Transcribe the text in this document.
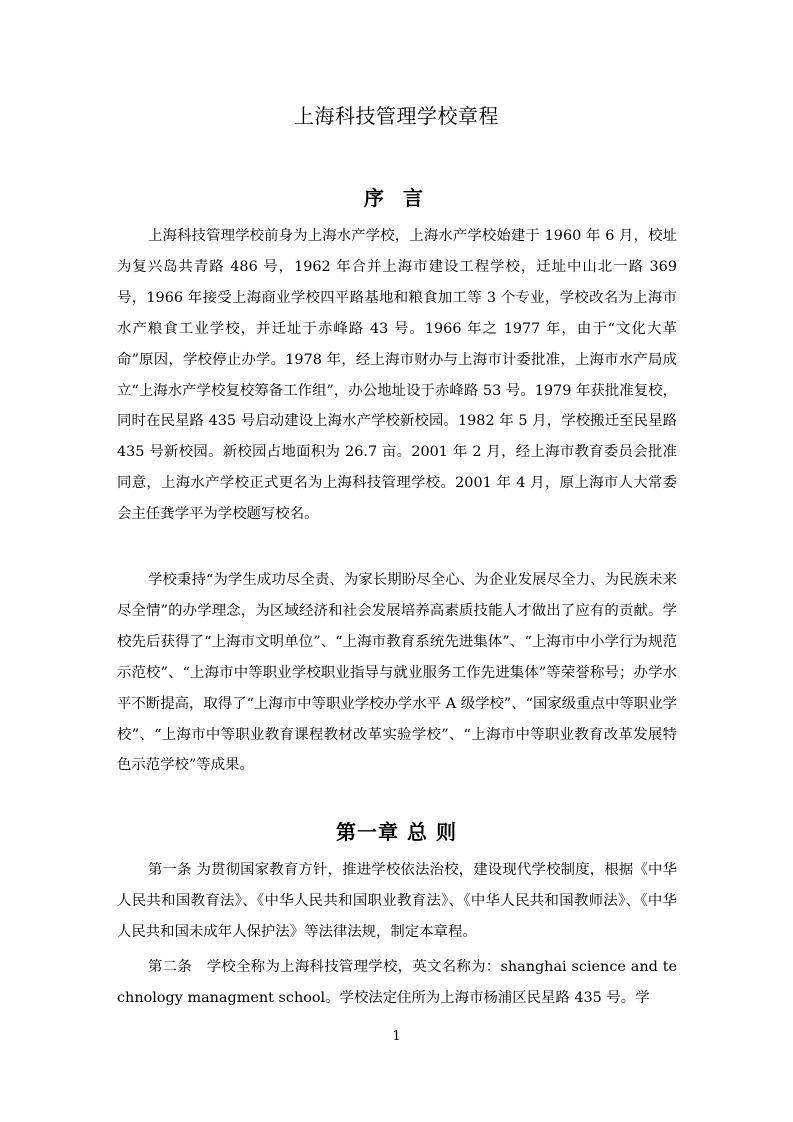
上海科技管理学校章程
序 言

上海科技管理学校前身为上海水产学校，上海水产学校始建于 1960 年 6 月，校址为复兴岛共青路 486 号，1962 年合并上海市建设工程学校，迁址中山北一路 369 号，1966 年接受上海商业学校四平路基地和粮食加工等 3 个专业，学校改名为上海市水产粮食工业学校，并迁址于赤峰路 43 号。1966 年之 1977 年，由于“文化大革命”原因，学校停止办学。1978 年，经上海市财办与上海市计委批准，上海市水产局成立“上海水产学校复校筹备工作组”，办公地址设于赤峰路 53 号。1979 年获批准复校，同时在民星路 435 号启动建设上海水产学校新校园。1982 年 5 月，学校搬迁至民星路 435 号新校园。新校园占地面积为 26.7 亩。2001 年 2 月，经上海市教育委员会批准同意，上海水产学校正式更名为上海科技管理学校。2001 年 4 月，原上海市人大常委会主任龚学平为学校题写校名。

学校秉持“为学生成功尽全责、为家长期盼尽全心、为企业发展尽全力、为民族未来尽全情”的办学理念，为区域经济和社会发展培养高素质技能人才做出了应有的贡献。学校先后获得了“上海市文明单位”、“上海市教育系统先进集体”、“上海市中小学行为规范示范校”、“上海市中等职业学校职业指导与就业服务工作先进集体”等荣誉称号；办学水平不断提高，取得了“上海市中等职业学校办学水平 A 级学校”、“国家级重点中等职业学校”、“上海市中等职业教育课程教材改革实验学校”、“上海市中等职业教育改革发展特色示范学校”等成果。

第一章 总 则

第一条 为贯彻国家教育方针，推进学校依法治校，建设现代学校制度，根据《中华人民共和国教育法》、《中华人民共和国职业教育法》、《中华人民共和国教师法》、《中华人民共和国未成年人保护法》等法律法规，制定本章程。

第二条　学校全称为上海科技管理学校，英文名称为：shanghai science and technology managment school。学校法定住所为上海市杨浦区民星路 435 号。学

1
